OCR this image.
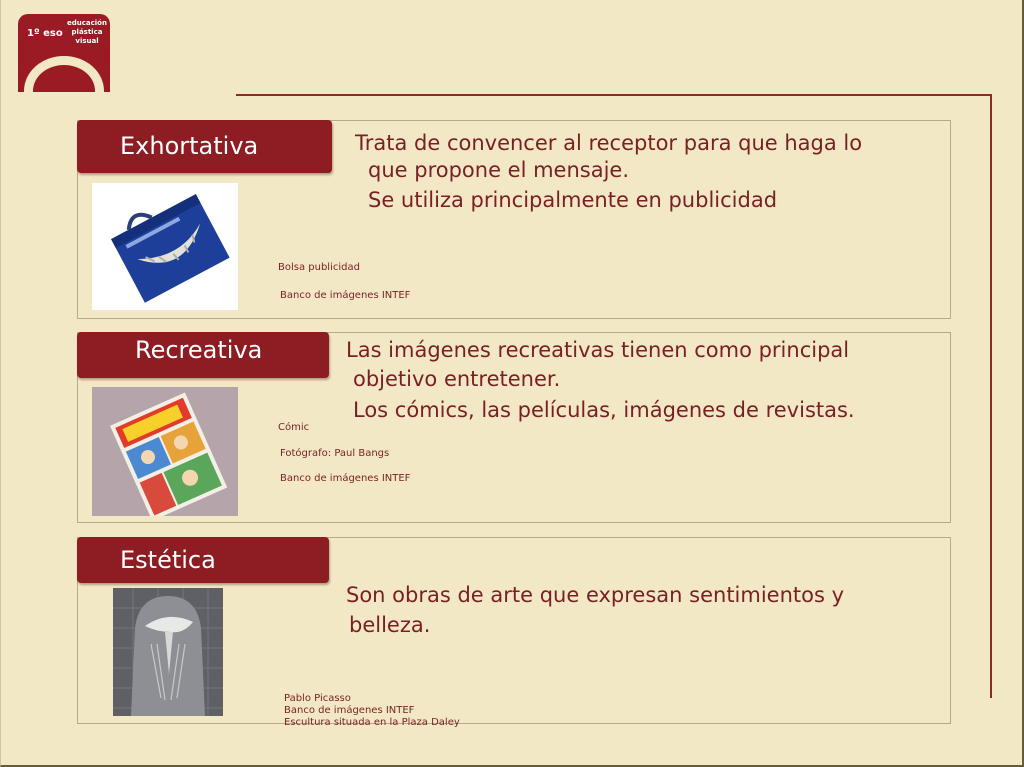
1º eso
educación
plástica
visual
Exhortativa	Trata de convencer al receptor para que haga lo
que propone el mensaje.
Se utiliza principalmente en publicidad
Bolsa publicidad
Banco de imágenes INTEF
Recreativa	Las imágenes recreativas tienen como principal
objetivo entretener.
Los cómics, las películas, imágenes de revistas.
Cómic
Fotógrafo: Paul Bangs
Banco de imágenes INTEF
Estética
Son obras de arte que expresan sentimientos y
belleza.
Pablo Picasso
Banco de imágenes INTEF
Escultura situada en la Plaza Daley
